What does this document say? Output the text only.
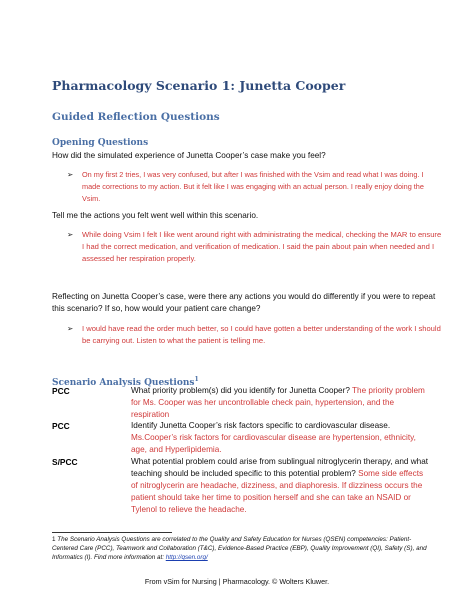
Pharmacology Scenario 1: Junetta Cooper
Guided Reflection Questions
Opening Questions

How did the simulated experience of Junetta Cooper’s case make you feel?

➢	On my first 2 tries, I was very confused, but after I was finished with the Vsim and read what I was doing. I made corrections to my action. But it felt like I was engaging with an actual person. I really enjoy doing the Vsim.

Tell me the actions you felt went well within this scenario.

➢	While doing Vsim I felt I like went around right with administrating the medical, checking the MAR to ensure I had the correct medication, and verification of medication. I said the pain about pain when needed and I assessed her respiration properly.

Reflecting on Junetta Cooper’s case, were there any actions you would do differently if you were to repeat this scenario? If so, how would your patient care change?

➢	I would have read the order much better, so I could have gotten a better understanding of the work I should be carrying out. Listen to what the patient is telling me.

Scenario Analysis Questions$^1$
PCC	What priority problem(s) did you identify for Junetta Cooper? The priority problem for Ms. Cooper was her uncontrollable check pain, hypertension, and the respiration

PCC	Identify Junetta Cooper’s risk factors specific to cardiovascular disease. Ms.Cooper’s risk factors for cardiovascular disease are hypertension, ethnicity, age, and Hyperlipidemia.

S/PCC	What potential problem could arise from sublingual nitroglycerin therapy, and what teaching should be included specific to this potential problem? Some side effects of nitroglycerin are headache, dizziness, and diaphoresis. If dizziness occurs the patient should take her time to position herself and she can take an NSAID or Tylenol to relieve the headache.

1 The Scenario Analysis Questions are correlated to the Quality and Safety Education for Nurses (QSEN) competencies: Patient-Centered Care (PCC), Teamwork and Collaboration (T&C), Evidence-Based Practice (EBP), Quality Improvement (QI), Safety (S), and Informatics (I). Find more information at: http://qsen.org/

From vSim for Nursing | Pharmacology. © Wolters Kluwer.
